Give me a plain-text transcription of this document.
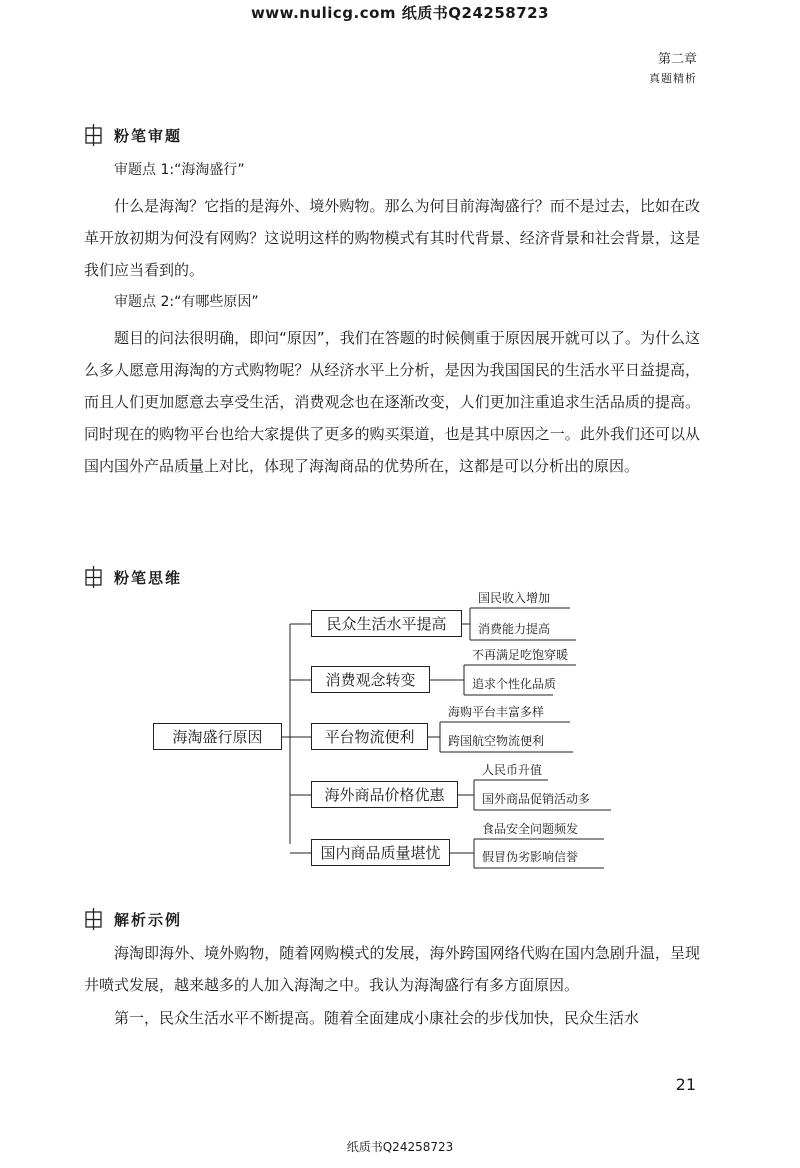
www.nulicg.com 纸质书Q24258723
第二章
真题精析
粉笔审题
审题点 1:“海淘盛行”
什么是海淘？它指的是海外、境外购物。那么为何目前海淘盛行？而不是过去，比如在改革开放初期为何没有网购？这说明这样的购物模式有其时代背景、经济背景和社会背景，这是我们应当看到的。
审题点 2:“有哪些原因”
题目的问法很明确，即问“原因”，我们在答题的时候侧重于原因展开就可以了。为什么这么多人愿意用海淘的方式购物呢？从经济水平上分析，是因为我国国民的生活水平日益提高，而且人们更加愿意去享受生活，消费观念也在逐渐改变，人们更加注重追求生活品质的提高。同时现在的购物平台也给大家提供了更多的购买渠道，也是其中原因之一。此外我们还可以从国内国外产品质量上对比，体现了海淘商品的优势所在，这都是可以分析出的原因。
粉笔思维
海淘盛行原因
民众生活水平提高
消费观念转变
平台物流便利
海外商品价格优惠
国内商品质量堪忧
国民收入增加
消费能力提高
不再满足吃饱穿暖
追求个性化品质
海购平台丰富多样
跨国航空物流便利
人民币升值
国外商品促销活动多
食品安全问题频发
假冒伪劣影响信誉
解析示例
海淘即海外、境外购物，随着网购模式的发展，海外跨国网络代购在国内急剧升温，呈现井喷式发展，越来越多的人加入海淘之中。我认为海淘盛行有多方面原因。
第一，民众生活水平不断提高。随着全面建成小康社会的步伐加快，民众生活水
21
纸质书Q24258723
